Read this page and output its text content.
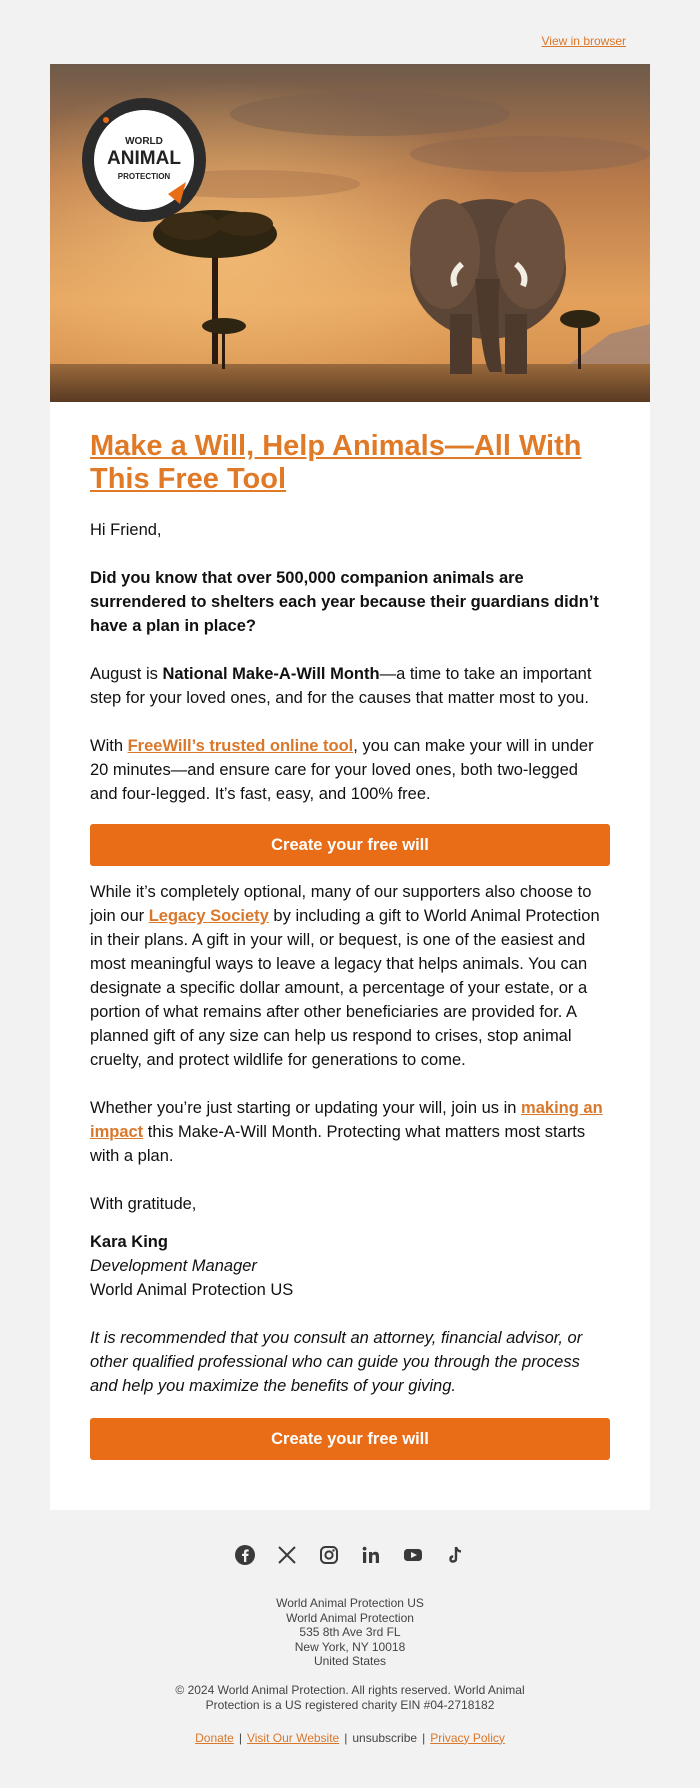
View in browser
WORLD
ANIMAL
PROTECTION
Make a Will, Help Animals—All With This Free Tool

Hi Friend,

Did you know that over 500,000 companion animals are surrendered to shelters each year because their guardians didn’t have a plan in place?

August is National Make-A-Will Month—a time to take an important step for your loved ones, and for the causes that matter most to you.

With FreeWill’s trusted online tool, you can make your will in under 20 minutes—and ensure care for your loved ones, both two-legged and four-legged. It’s fast, easy, and 100% free.

Create your free will

While it’s completely optional, many of our supporters also choose to join our Legacy Society by including a gift to World Animal Protection in their plans. A gift in your will, or bequest, is one of the easiest and most meaningful ways to leave a legacy that helps animals. You can designate a specific dollar amount, a percentage of your estate, or a portion of what remains after other beneficiaries are provided for. A planned gift of any size can help us respond to crises, stop animal cruelty, and protect wildlife for generations to come.

Whether you’re just starting or updating your will, join us in making an impact this Make-A-Will Month. Protecting what matters most starts with a plan.

With gratitude,

Kara King

Development Manager

World Animal Protection US

It is recommended that you consult an attorney, financial advisor, or other qualified professional who can guide you through the process and help you maximize the benefits of your giving.

Create your free will
World Animal Protection US
World Animal Protection
535 8th Ave 3rd FL
New York, NY 10018
United States
© 2024 World Animal Protection. All rights reserved. World Animal Protection is a US registered charity EIN #04-2718182
Donate | Visit Our Website | unsubscribe | Privacy Policy
